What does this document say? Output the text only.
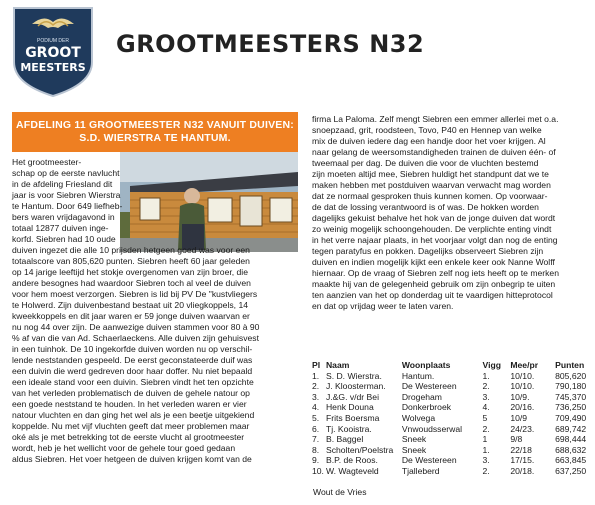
PODIUM DER
GROOT
MEESTERS
GROOTMEESTERS N32
AFDELING 11 GROOTMEESTER N32 VANUIT DUIVEN:
S.D. WIERSTRA TE HANTUM.
Het grootmeester-
schap op de eerste navlucht
in de afdeling Friesland dit
jaar is voor Siebren Wierstra
te Hantum. Door 649 liefheb-
bers waren vrijdagavond in
totaal 12877 duiven inge-
korfd. Siebren had 10 oude
duiven ingezet die alle 10 prijsden hetgeen goed was voor een
totaalscore van 805,620 punten. Siebren heeft 60 jaar geleden
op 14 jarige leeftijd het stokje overgenomen van zijn broer, die
andere besognes had waardoor Siebren toch al veel de duiven
voor hem moest verzorgen. Siebren is lid bij PV De "kustvliegers
te Holwerd. Zijn duivenbestand bestaat uit 20 vliegkoppels, 14
kweekkoppels en dit jaar waren er 59 jonge duiven waarvan er
nu nog 44 over zijn. De aanwezige duiven stammen voor 80 à 90
% af van die van Ad. Schaerlaeckens. Alle duiven zijn gehuisvest
in een tuinhok. De 10 ingekorfde duiven worden nu op verschil-
lende neststanden gespeeld. De eerst geconstateerde duif was
een duivin die werd gedreven door haar doffer. Nu niet bepaald
een ideale stand voor een duivin. Siebren vindt het ten opzichte
van het verleden problematisch de duiven de gehele natour op
een goede neststand te houden. In het verleden waren er vier
natour vluchten en dan ging het wel als je een beetje uitgekiend
koppelde. Nu met vijf vluchten geeft dat meer problemen maar
oké als je met betrekking tot de eerste vlucht al grootmeester
wordt, heb je het wellicht voor de gehele tour goed gedaan
aldus Siebren. Het voer hetgeen de duiven krijgen komt van de
firma La Paloma. Zelf mengt Siebren een emmer allerlei met o.a.
snoepzaad, grit, roodsteen, Tovo, P40 en Hennep van welke
mix de duiven iedere dag een handje door het voer krijgen. Al
naar gelang de weersomstandigheden trainen de duiven één- of
tweemaal per dag. De duiven die voor de vluchten bestemd
zijn moeten altijd mee, Siebren huldigt het standpunt dat we te
maken hebben met postduiven waarvan verwacht mag worden
dat ze normaal gesproken thuis kunnen komen. Op voorwaar-
de dat de lossing verantwoord is of was. De hokken worden
dagelijks gekuist behalve het hok van de jonge duiven dat wordt
zo weinig mogelijk schoongehouden. De verplichte enting vindt
in het verre najaar plaats, in het voorjaar volgt dan nog de enting
tegen paratyfus en pokken. Dagelijks observeert Siebren zijn
duiven en indien mogelijk kijkt een enkele keer ook Nanne Wolff
hiernaar. Op de vraag of Siebren zelf nog iets heeft op te merken
maakte hij van de gelegenheid gebruik om zijn onbegrip te uiten
ten aanzien van het op donderdag uit te vaardigen hitteprotocol
en dat op vrijdag weer te laten varen.
Pl	Naam	Woonplaats	Vigg	Mee/pr	Punten
1.	S. D. Wierstra.	Hantum.	1.	10/10.	805,620
2.	J. Kloosterman.	De Westereen	2.	10/10.	790,180
3.	J.&G. v/dr Bei	Drogeham	3.	10/9.	745,370
4.	Henk Douna	Donkerbroek	4.	20/16.	736,250
5.	Frits Boersma	Wolvega	5	10/9	709,490
6.	Tj. Kooistra.	Vnwoudsserwal	2.	24/23.	689,742
7.	B. Baggel	Sneek	1	9/8	698,444
8.	Scholten/Poelstra	Sneek	1.	22/18	688,632
9.	B.P. de Roos.	De Westereen	3.	17/15.	663,845
10.	W. Wagteveld	Tjalleberd	2.	20/18.	637,250
Wout de Vries
